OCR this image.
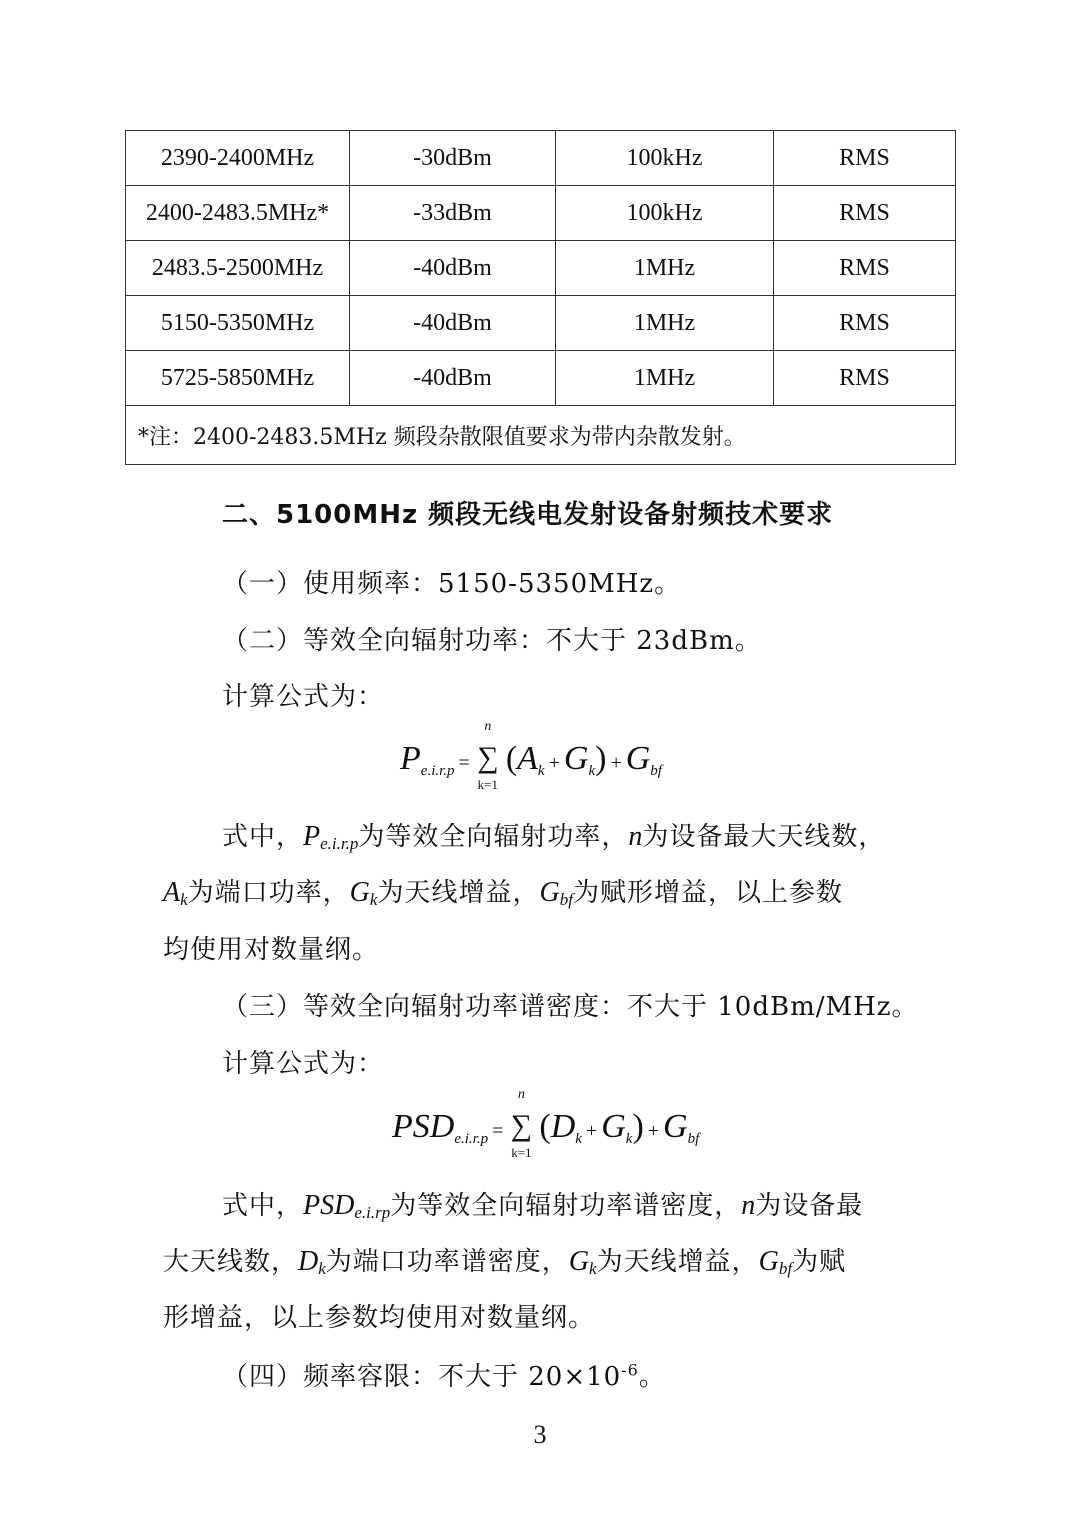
2390-2400MHz	-30dBm	100kHz	RMS
2400-2483.5MHz*	-33dBm	100kHz	RMS
2483.5-2500MHz	-40dBm	1MHz	RMS
5150-5350MHz	-40dBm	1MHz	RMS
5725-5850MHz	-40dBm	1MHz	RMS
*注：2400-2483.5MHz 频段杂散限值要求为带内杂散发射。			
二、5100MHz 频段无线电发射设备射频技术要求
（一）使用频率：5150-5350MHz。
（二）等效全向辐射功率：不大于 23dBm。
计算公式为：
Pe.i.r.p =
n
∑
k=1
(Ak + Gk) + Gbf
式中，$P_{e.i.r.p}$为等效全向辐射功率，n为设备最大天线数，
$A_k$为端口功率，$G_k$为天线增益，$G_{bf}$为赋形增益，以上参数
均使用对数量纲。
（三）等效全向辐射功率谱密度：不大于 10dBm/MHz。
计算公式为：
PSDe.i.r.p =
n
∑
k=1
(Dk + Gk) + Gbf
式中，$PSD_{e.i.rp}$为等效全向辐射功率谱密度，n为设备最
大天线数，$D_k$为端口功率谱密度，$G_k$为天线增益，$G_{bf}$为赋
形增益，以上参数均使用对数量纲。
（四）频率容限：不大于 $20\times 10^{-6}$。
3
